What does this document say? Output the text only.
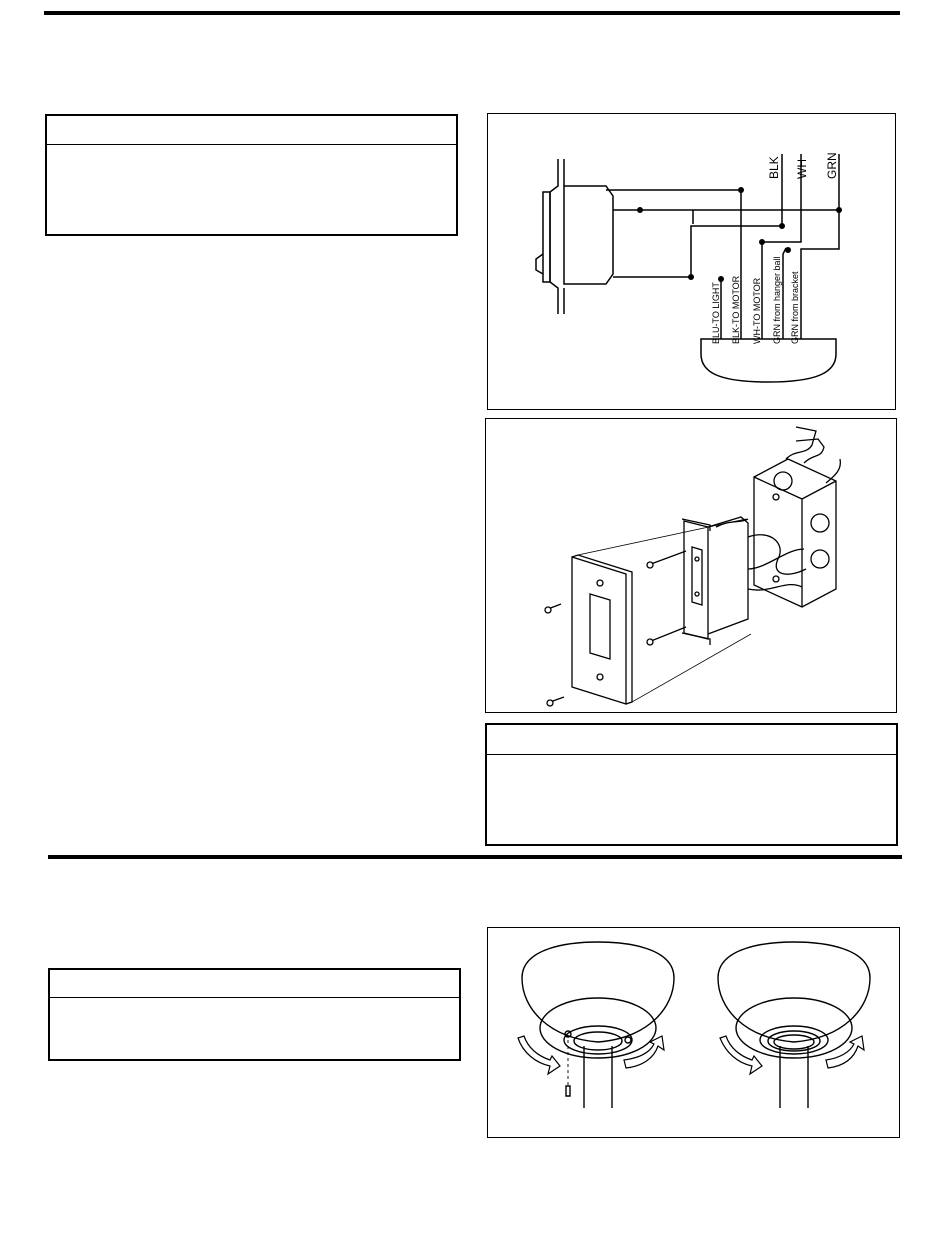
BLK WH GRN
BLU-TO LIGHT BLK-TO MOTOR WH-TO MOTOR GRN from hanger ball GRN from bracket
